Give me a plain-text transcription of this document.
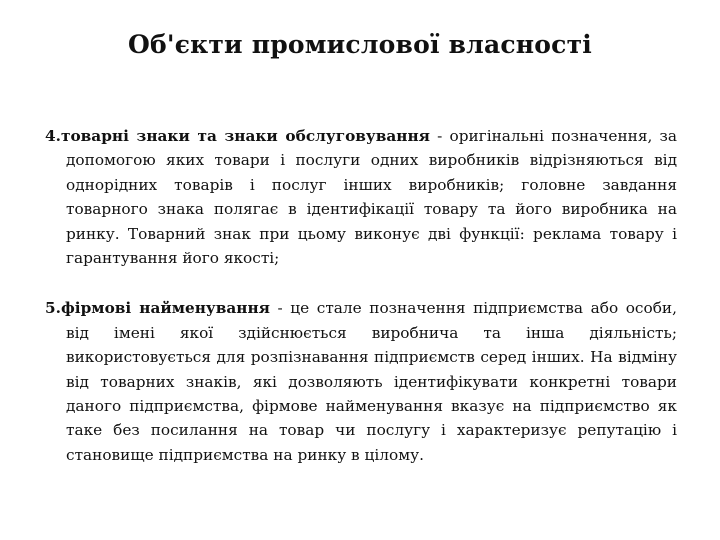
Об'єкти промислової власності

4.товарні знаки та знаки обслуговування - оригінальні позначення, за допомогою яких товари і послуги одних виробників відрізняються від однорідних товарів і послуг інших виробників; головне завдання товарного знака полягає в ідентифікації товару та його виробника на ринку. Товарний знак при цьому виконує дві функції: реклама товару і гарантування його якості;

5.фірмові найменування - це стале позначення підприємства або особи, від імені якої здійснюється виробнича та інша діяльність; використовується для розпізнавання підприємств серед інших. На відміну від товарних знаків, які дозволяють ідентифікувати конкретні товари даного підприємства, фірмове найменування вказує на підприємство як таке без посилання на товар чи послугу і характеризує репутацію і становище підприємства на ринку в цілому.
